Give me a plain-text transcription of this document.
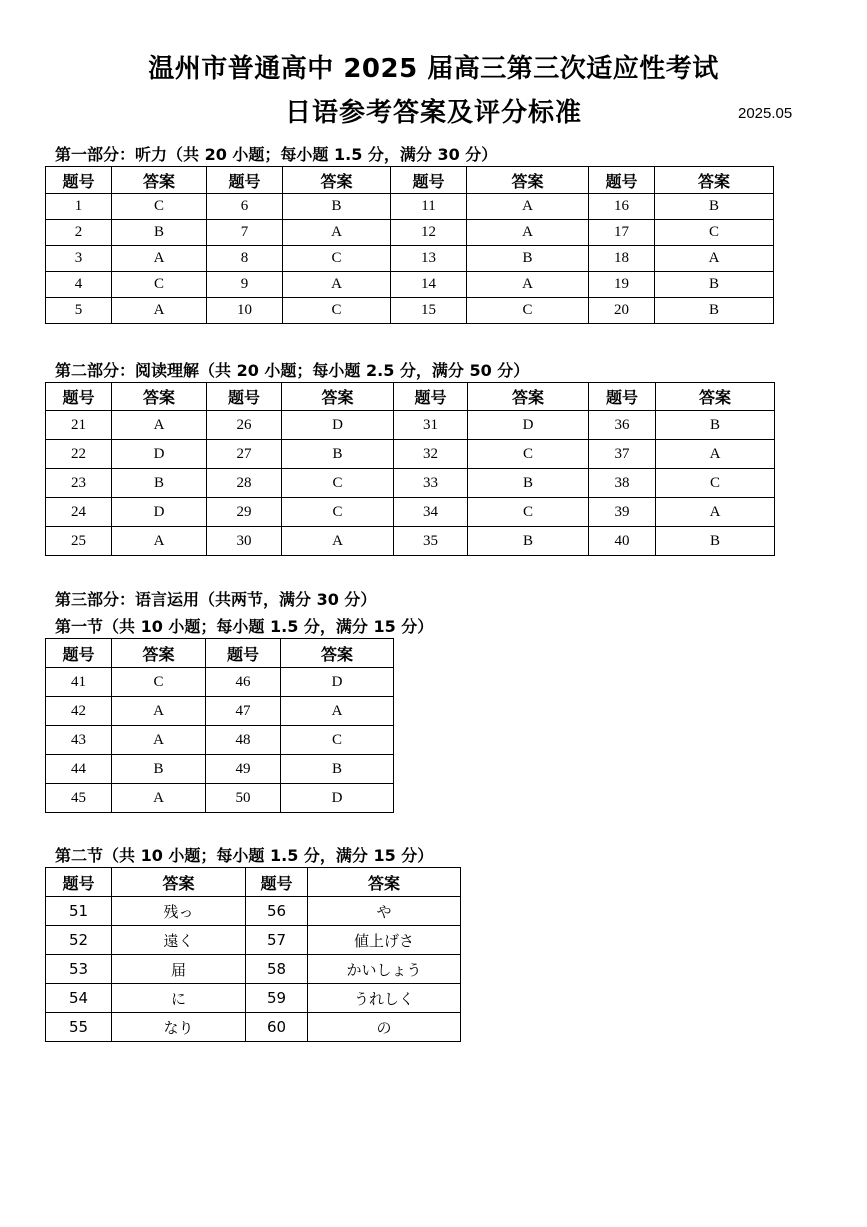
温州市普通高中 2025 届高三第三次适应性考试
日语参考答案及评分标准	2025.05
第一部分：听力（共 20 小题；每小题 1.5 分，满分 30 分）
题号	答案	题号	答案	题号	答案	题号	答案
1	C	6	B	11	A	16	B
2	B	7	A	12	A	17	C
3	A	8	C	13	B	18	A
4	C	9	A	14	A	19	B
5	A	10	C	15	C	20	B
第二部分：阅读理解（共 20 小题；每小题 2.5 分，满分 50 分）
题号	答案	题号	答案	题号	答案	题号	答案
21	A	26	D	31	D	36	B
22	D	27	B	32	C	37	A
23	B	28	C	33	B	38	C
24	D	29	C	34	C	39	A
25	A	30	A	35	B	40	B
第三部分：语言运用（共两节，满分 30 分）
第一节（共 10 小题；每小题 1.5 分，满分 15 分）
题号	答案	题号	答案
41	C	46	D
42	A	47	A
43	A	48	C
44	B	49	B
45	A	50	D
第二节（共 10 小题；每小题 1.5 分，满分 15 分）
题号	答案	题号	答案
51	残っ	56	や
52	遠く	57	値上げさ
53	届	58	かいしょう
54	に	59	うれしく
55	なり	60	の
